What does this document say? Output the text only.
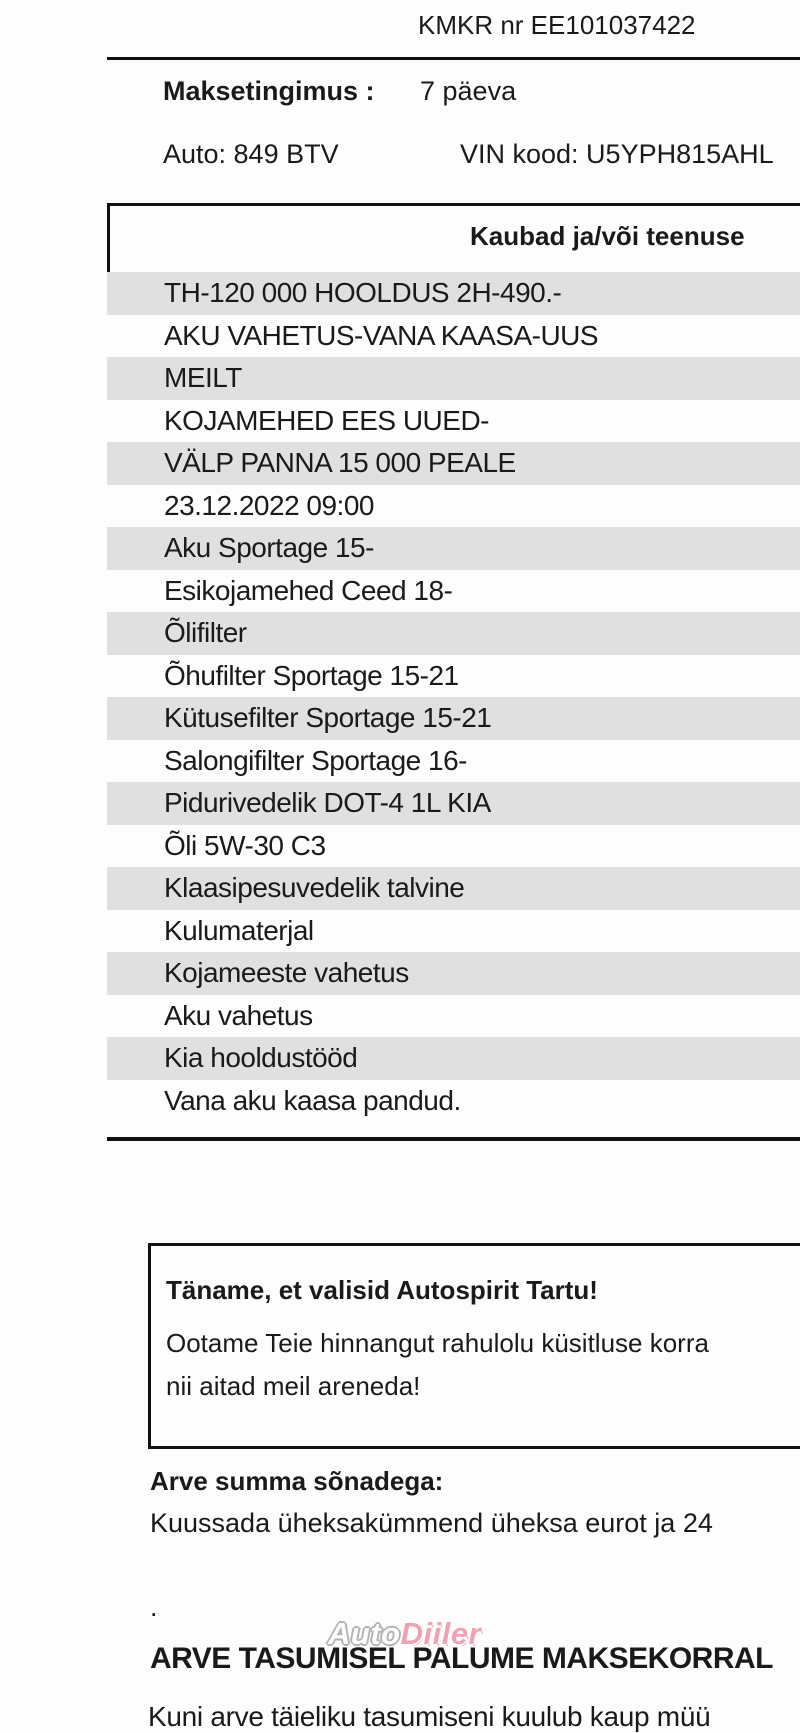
KMKR nr EE101037422
Maksetingimus : 7 päeva
Auto: 849 BTV	VIN kood: U5YPH815AHL
Kaubad ja/või teenuse
TH-120 000 HOOLDUS 2H-490.-
AKU VAHETUS-VANA KAASA-UUS
MEILT
KOJAMEHED EES UUED-
VÄLP PANNA 15 000 PEALE
23.12.2022 09:00
Aku Sportage 15-
Esikojamehed Ceed 18-
Õlifilter
Õhufilter Sportage 15-21
Kütusefilter Sportage 15-21
Salongifilter Sportage 16-
Pidurivedelik DOT-4 1L KIA
Õli 5W-30 C3
Klaasipesuvedelik talvine
Kulumaterjal
Kojameeste vahetus
Aku vahetus
Kia hooldustööd
Vana aku kaasa pandud.
Täname, et valisid Autospirit Tartu!
Ootame Teie hinnangut rahulolu küsitluse korra
nii aitad meil areneda!
Arve summa sõnadega:
Kuussada üheksakümmend üheksa eurot ja 24
.
AutoDiiler
ARVE TASUMISEL PALUME MAKSEKORRAL
Kuni arve täieliku tasumiseni kuulub kaup müü
